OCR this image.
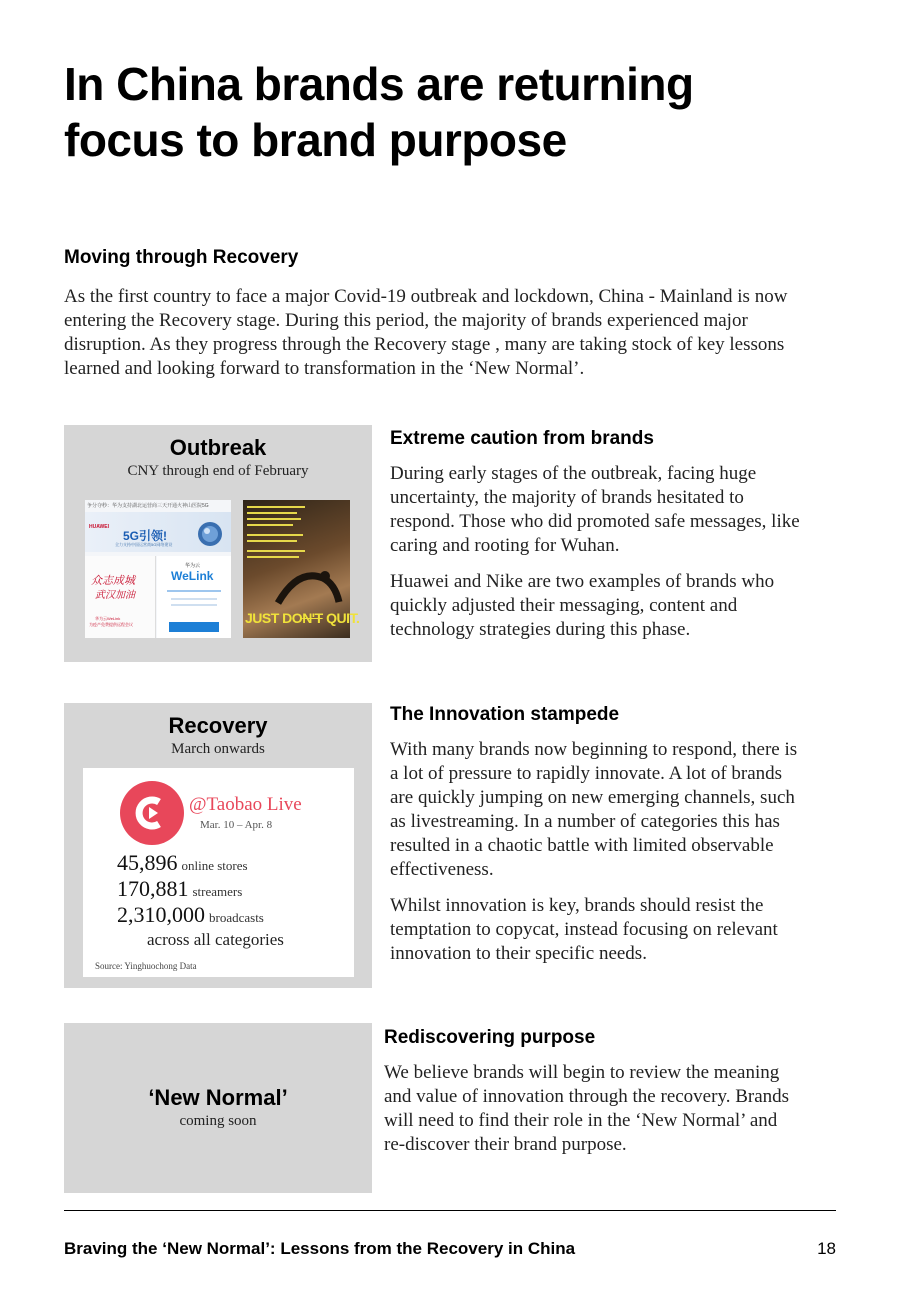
In China brands are returning focus to brand purpose
Moving through Recovery

As the first country to face a major Covid-19 outbreak and lockdown, China - Mainland is now entering the Recovery stage. During this period, the majority of brands experienced major disruption. As they progress through the Recovery stage , many are taking stock of key lessons learned and looking forward to transformation in the ‘New Normal’.

Outbreak
CNY through end of February
争分夺秒：华为支持湖北运营商三天开通火神山医院5G
HUAWEI
5G引领!
全力支持中国运营商5G网络建设
众志成城
武汉加油
华为云WeLink
为疫产免费提供远程会议
华为云
WeLink
JUST DON'T QUIT.
Extreme caution from brands

During early stages of the outbreak, facing huge uncertainty, the majority of brands hesitated to respond. Those who did promoted safe messages, like caring and rooting for Wuhan.

Huawei and Nike are two examples of brands who quickly adjusted their messaging, content and technology strategies during this phase.

Recovery
March onwards
@Taobao Live
Mar. 10 – Apr. 8
45,896 online stores
170,881 streamers
2,310,000 broadcasts
across all categories
Source: Yinghuochong Data
The Innovation stampede

With many brands now beginning to respond, there is a lot of pressure to rapidly innovate. A lot of brands are quickly jumping on new emerging channels, such as livestreaming. In a number of categories this has resulted in a chaotic battle with limited observable effectiveness.

Whilst innovation is key, brands should resist the temptation to copycat, instead focusing on relevant innovation to their specific needs.

‘New Normal’
coming soon
Rediscovering purpose

We believe brands will begin to review the meaning and value of innovation through the recovery. Brands will need to find their role in the ‘New Normal’ and re-discover their brand purpose.

Braving the ‘New Normal’: Lessons from the Recovery in China	18
